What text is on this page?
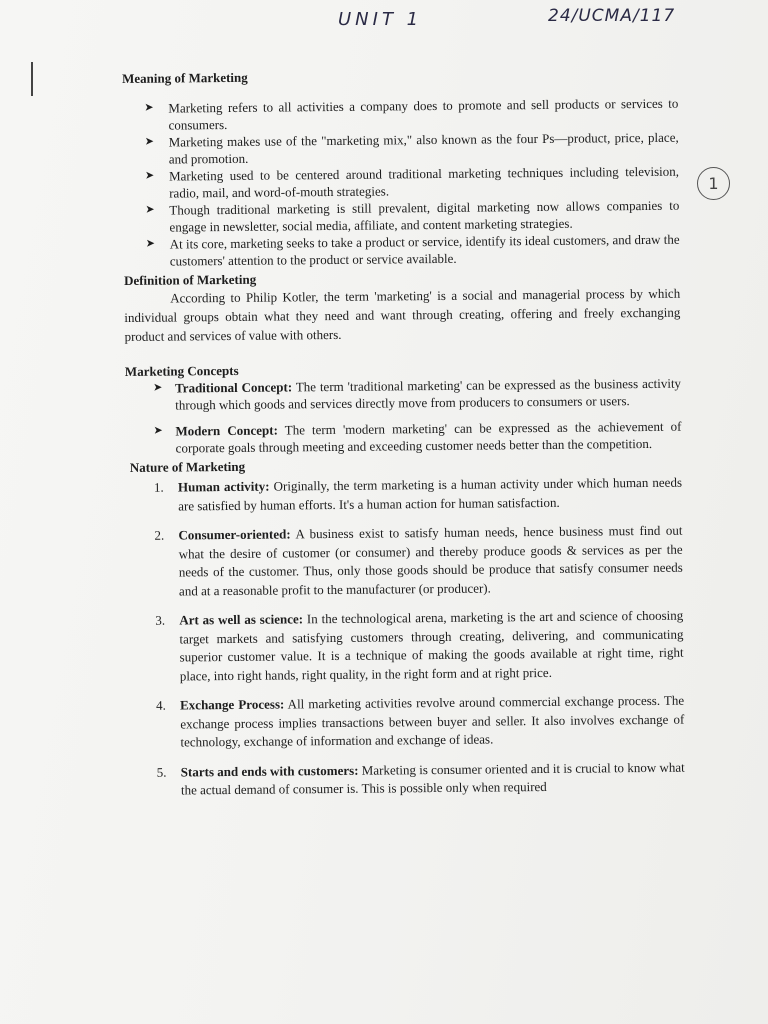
UNIT 1	24/UCMA/117
1

Meaning of Marketing

➤ Marketing refers to all activities a company does to promote and sell products or services to consumers.
➤ Marketing makes use of the "marketing mix," also known as the four Ps—product, price, place, and promotion.
➤ Marketing used to be centered around traditional marketing techniques including television, radio, mail, and word-of-mouth strategies.
➤ Though traditional marketing is still prevalent, digital marketing now allows companies to engage in newsletter, social media, affiliate, and content marketing strategies.
➤ At its core, marketing seeks to take a product or service, identify its ideal customers, and draw the customers' attention to the product or service available.

Definition of Marketing

According to Philip Kotler, the term 'marketing' is a social and managerial process by which individual groups obtain what they need and want through creating, offering and freely exchanging product and services of value with others.

Marketing Concepts

➤ Traditional Concept: The term 'traditional marketing' can be expressed as the business activity through which goods and services directly move from producers to consumers or users.
➤ Modern Concept: The term 'modern marketing' can be expressed as the achievement of corporate goals through meeting and exceeding customer needs better than the competition.

Nature of Marketing

1. Human activity: Originally, the term marketing is a human activity under which human needs are satisfied by human efforts. It's a human action for human satisfaction.
2. Consumer-oriented: A business exist to satisfy human needs, hence business must find out what the desire of customer (or consumer) and thereby produce goods & services as per the needs of the customer. Thus, only those goods should be produce that satisfy consumer needs and at a reasonable profit to the manufacturer (or producer).
3. Art as well as science: In the technological arena, marketing is the art and science of choosing target markets and satisfying customers through creating, delivering, and communicating superior customer value. It is a technique of making the goods available at right time, right place, into right hands, right quality, in the right form and at right price.
4. Exchange Process: All marketing activities revolve around commercial exchange process. The exchange process implies transactions between buyer and seller. It also involves exchange of technology, exchange of information and exchange of ideas.
5. Starts and ends with customers: Marketing is consumer oriented and it is crucial to know what the actual demand of consumer is. This is possible only when required
